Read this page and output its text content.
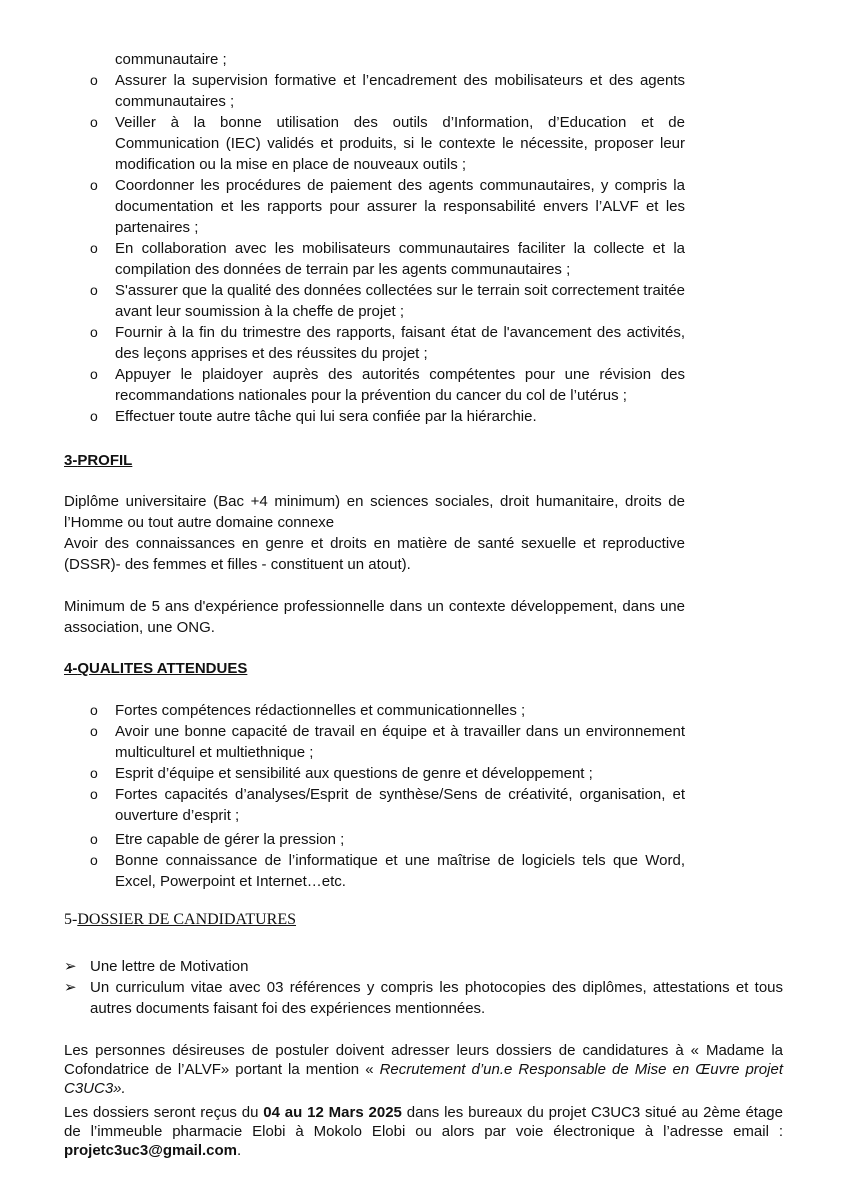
communautaire ;
o Assurer la supervision formative et l’encadrement des mobilisateurs et des agents communautaires ;
o Veiller à la bonne utilisation des outils d’Information, d’Education et de Communication (IEC) validés et produits, si le contexte le nécessite, proposer leur modification ou la mise en place de nouveaux outils ;
o Coordonner les procédures de paiement des agents communautaires, y compris la documentation et les rapports pour assurer la responsabilité envers l’ALVF et les partenaires ;
o En collaboration avec les mobilisateurs communautaires faciliter la collecte et la compilation des données de terrain par les agents communautaires ;
o S'assurer que la qualité des données collectées sur le terrain soit correctement traitée avant leur soumission à la cheffe de projet ;
o Fournir à la fin du trimestre des rapports, faisant état de l'avancement des activités, des leçons apprises et des réussites du projet ;
o Appuyer le plaidoyer auprès des autorités compétentes pour une révision des recommandations nationales pour la prévention du cancer du col de l’utérus ;
o Effectuer toute autre tâche qui lui sera confiée par la hiérarchie.
3-PROFIL
Diplôme universitaire (Bac +4 minimum) en sciences sociales, droit humanitaire, droits de l’Homme ou tout autre domaine connexe
Avoir des connaissances en genre et droits en matière de santé sexuelle et reproductive (DSSR)- des femmes et filles - constituent un atout).
Minimum de 5 ans d'expérience professionnelle dans un contexte développement, dans une association, une ONG.
4-QUALITES ATTENDUES
o Fortes compétences rédactionnelles et communicationnelles ;
o Avoir une bonne capacité de travail en équipe et à travailler dans un environnement multiculturel et multiethnique ;
o Esprit d’équipe et sensibilité aux questions de genre et développement ;
o Fortes capacités d’analyses/Esprit de synthèse/Sens de créativité, organisation, et ouverture d’esprit ;
o Etre capable de gérer la pression ;
o Bonne connaissance de l’informatique et une maîtrise de logiciels tels que Word, Excel, Powerpoint et Internet…etc.
5-DOSSIER DE CANDIDATURES
➢ Une lettre de Motivation
➢ Un curriculum vitae avec 03 références y compris les photocopies des diplômes, attestations et tous autres documents faisant foi des expériences mentionnées.
Les personnes désireuses de postuler doivent adresser leurs dossiers de candidatures à « Madame la Cofondatrice de l’ALVF» portant la mention « Recrutement d’un.e Responsable de Mise en Œuvre projet C3UC3».
Les dossiers seront reçus du 04 au 12 Mars 2025 dans les bureaux du projet C3UC3 situé au 2ème étage de l’immeuble pharmacie Elobi à Mokolo Elobi ou alors par voie électronique à l’adresse email : projetc3uc3@gmail.com.
